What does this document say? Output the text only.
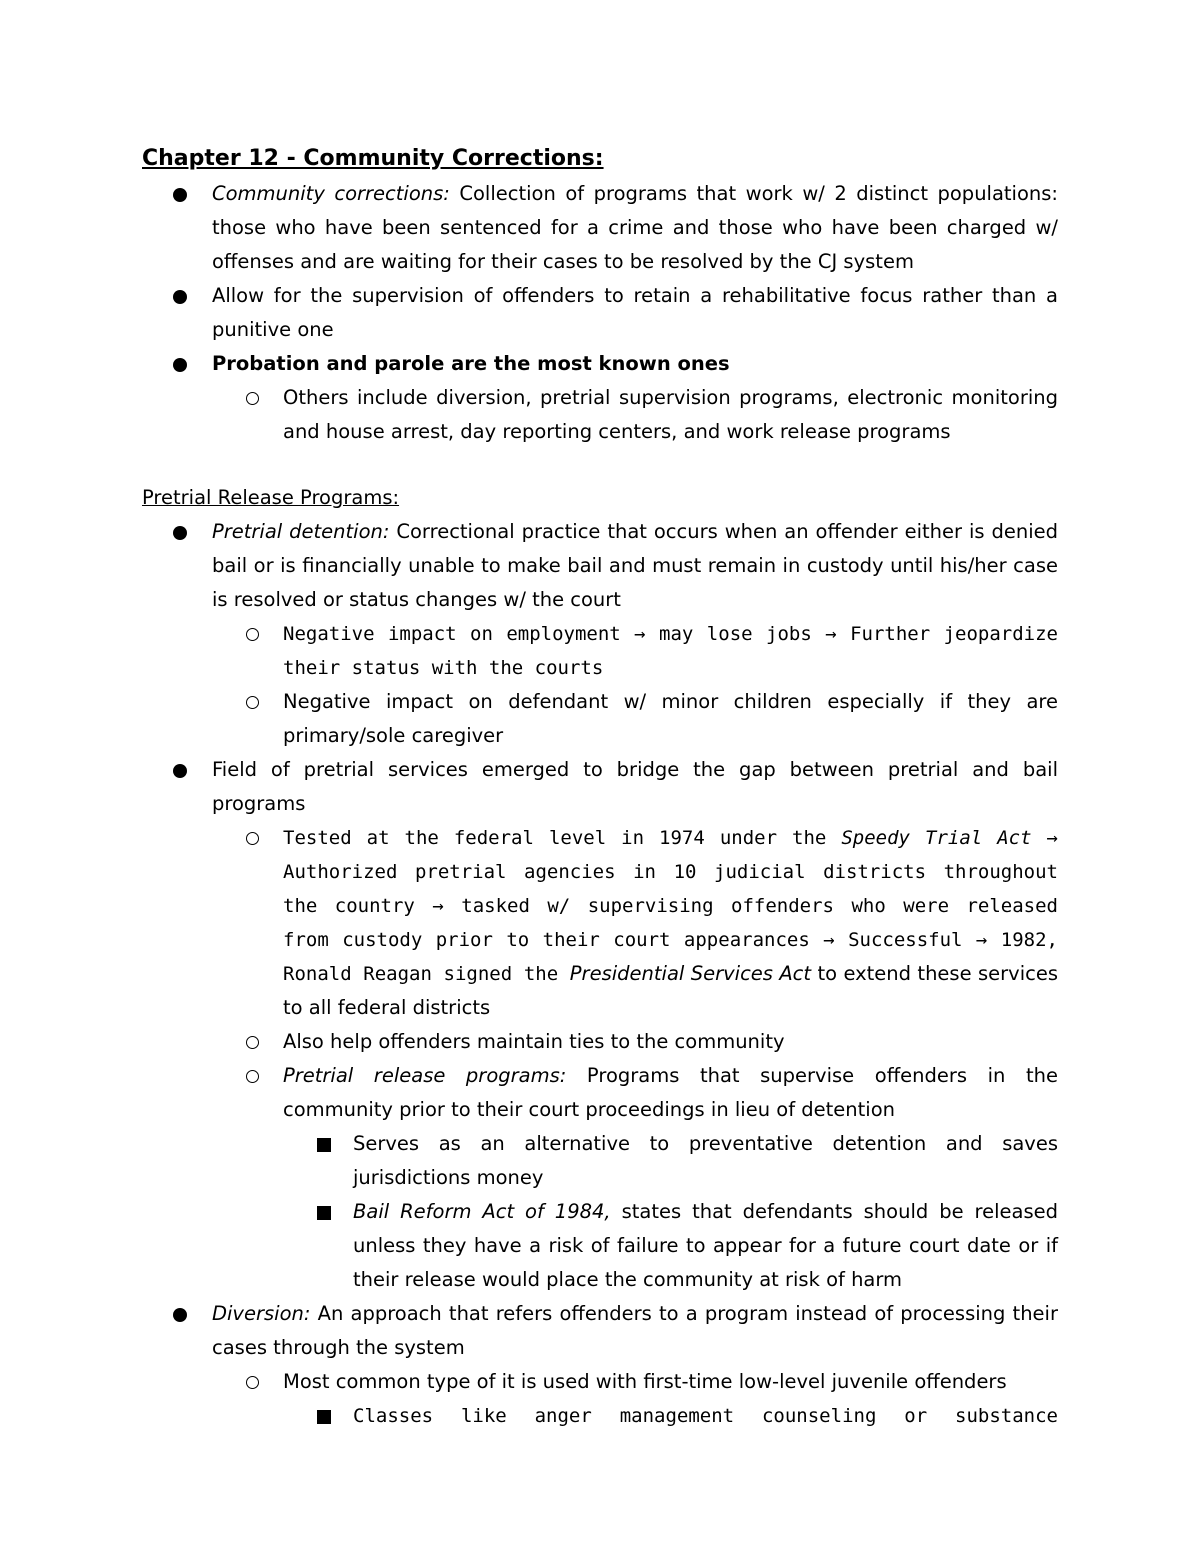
Chapter 12 - Community Corrections:
Community corrections: Collection of programs that work w/ 2 distinct populations: those who have been sentenced for a crime and those who have been charged w/ offenses and are waiting for their cases to be resolved by the CJ system
Allow for the supervision of offenders to retain a rehabilitative focus rather than a punitive one
Probation and parole are the most known ones
Others include diversion, pretrial supervision programs, electronic monitoring and house arrest, day reporting centers, and work release programs
Pretrial Release Programs:
Pretrial detention: Correctional practice that occurs when an offender either is denied bail or is financially unable to make bail and must remain in custody until his/her case is resolved or status changes w/ the court
Negative impact on employment → may lose jobs → Further jeopardize their status with the courts
Negative impact on defendant w/ minor children especially if they are primary/sole caregiver
Field of pretrial services emerged to bridge the gap between pretrial and bail programs
Tested at the federal level in 1974 under the Speedy Trial Act → Authorized pretrial agencies in 10 judicial districts throughout the country → tasked w/ supervising offenders who were released from custody prior to their court appearances → Successful → 1982, Ronald Reagan signed the Presidential Services Act to extend these services to all federal districts
Also help offenders maintain ties to the community
Pretrial release programs: Programs that supervise offenders in the community prior to their court proceedings in lieu of detention
Serves as an alternative to preventative detention and saves jurisdictions money
Bail Reform Act of 1984, states that defendants should be released unless they have a risk of failure to appear for a future court date or if their release would place the community at risk of harm
Diversion: An approach that refers offenders to a program instead of processing their cases through the system
Most common type of it is used with first-time low-level juvenile offenders
Classes like anger management counseling or substance
